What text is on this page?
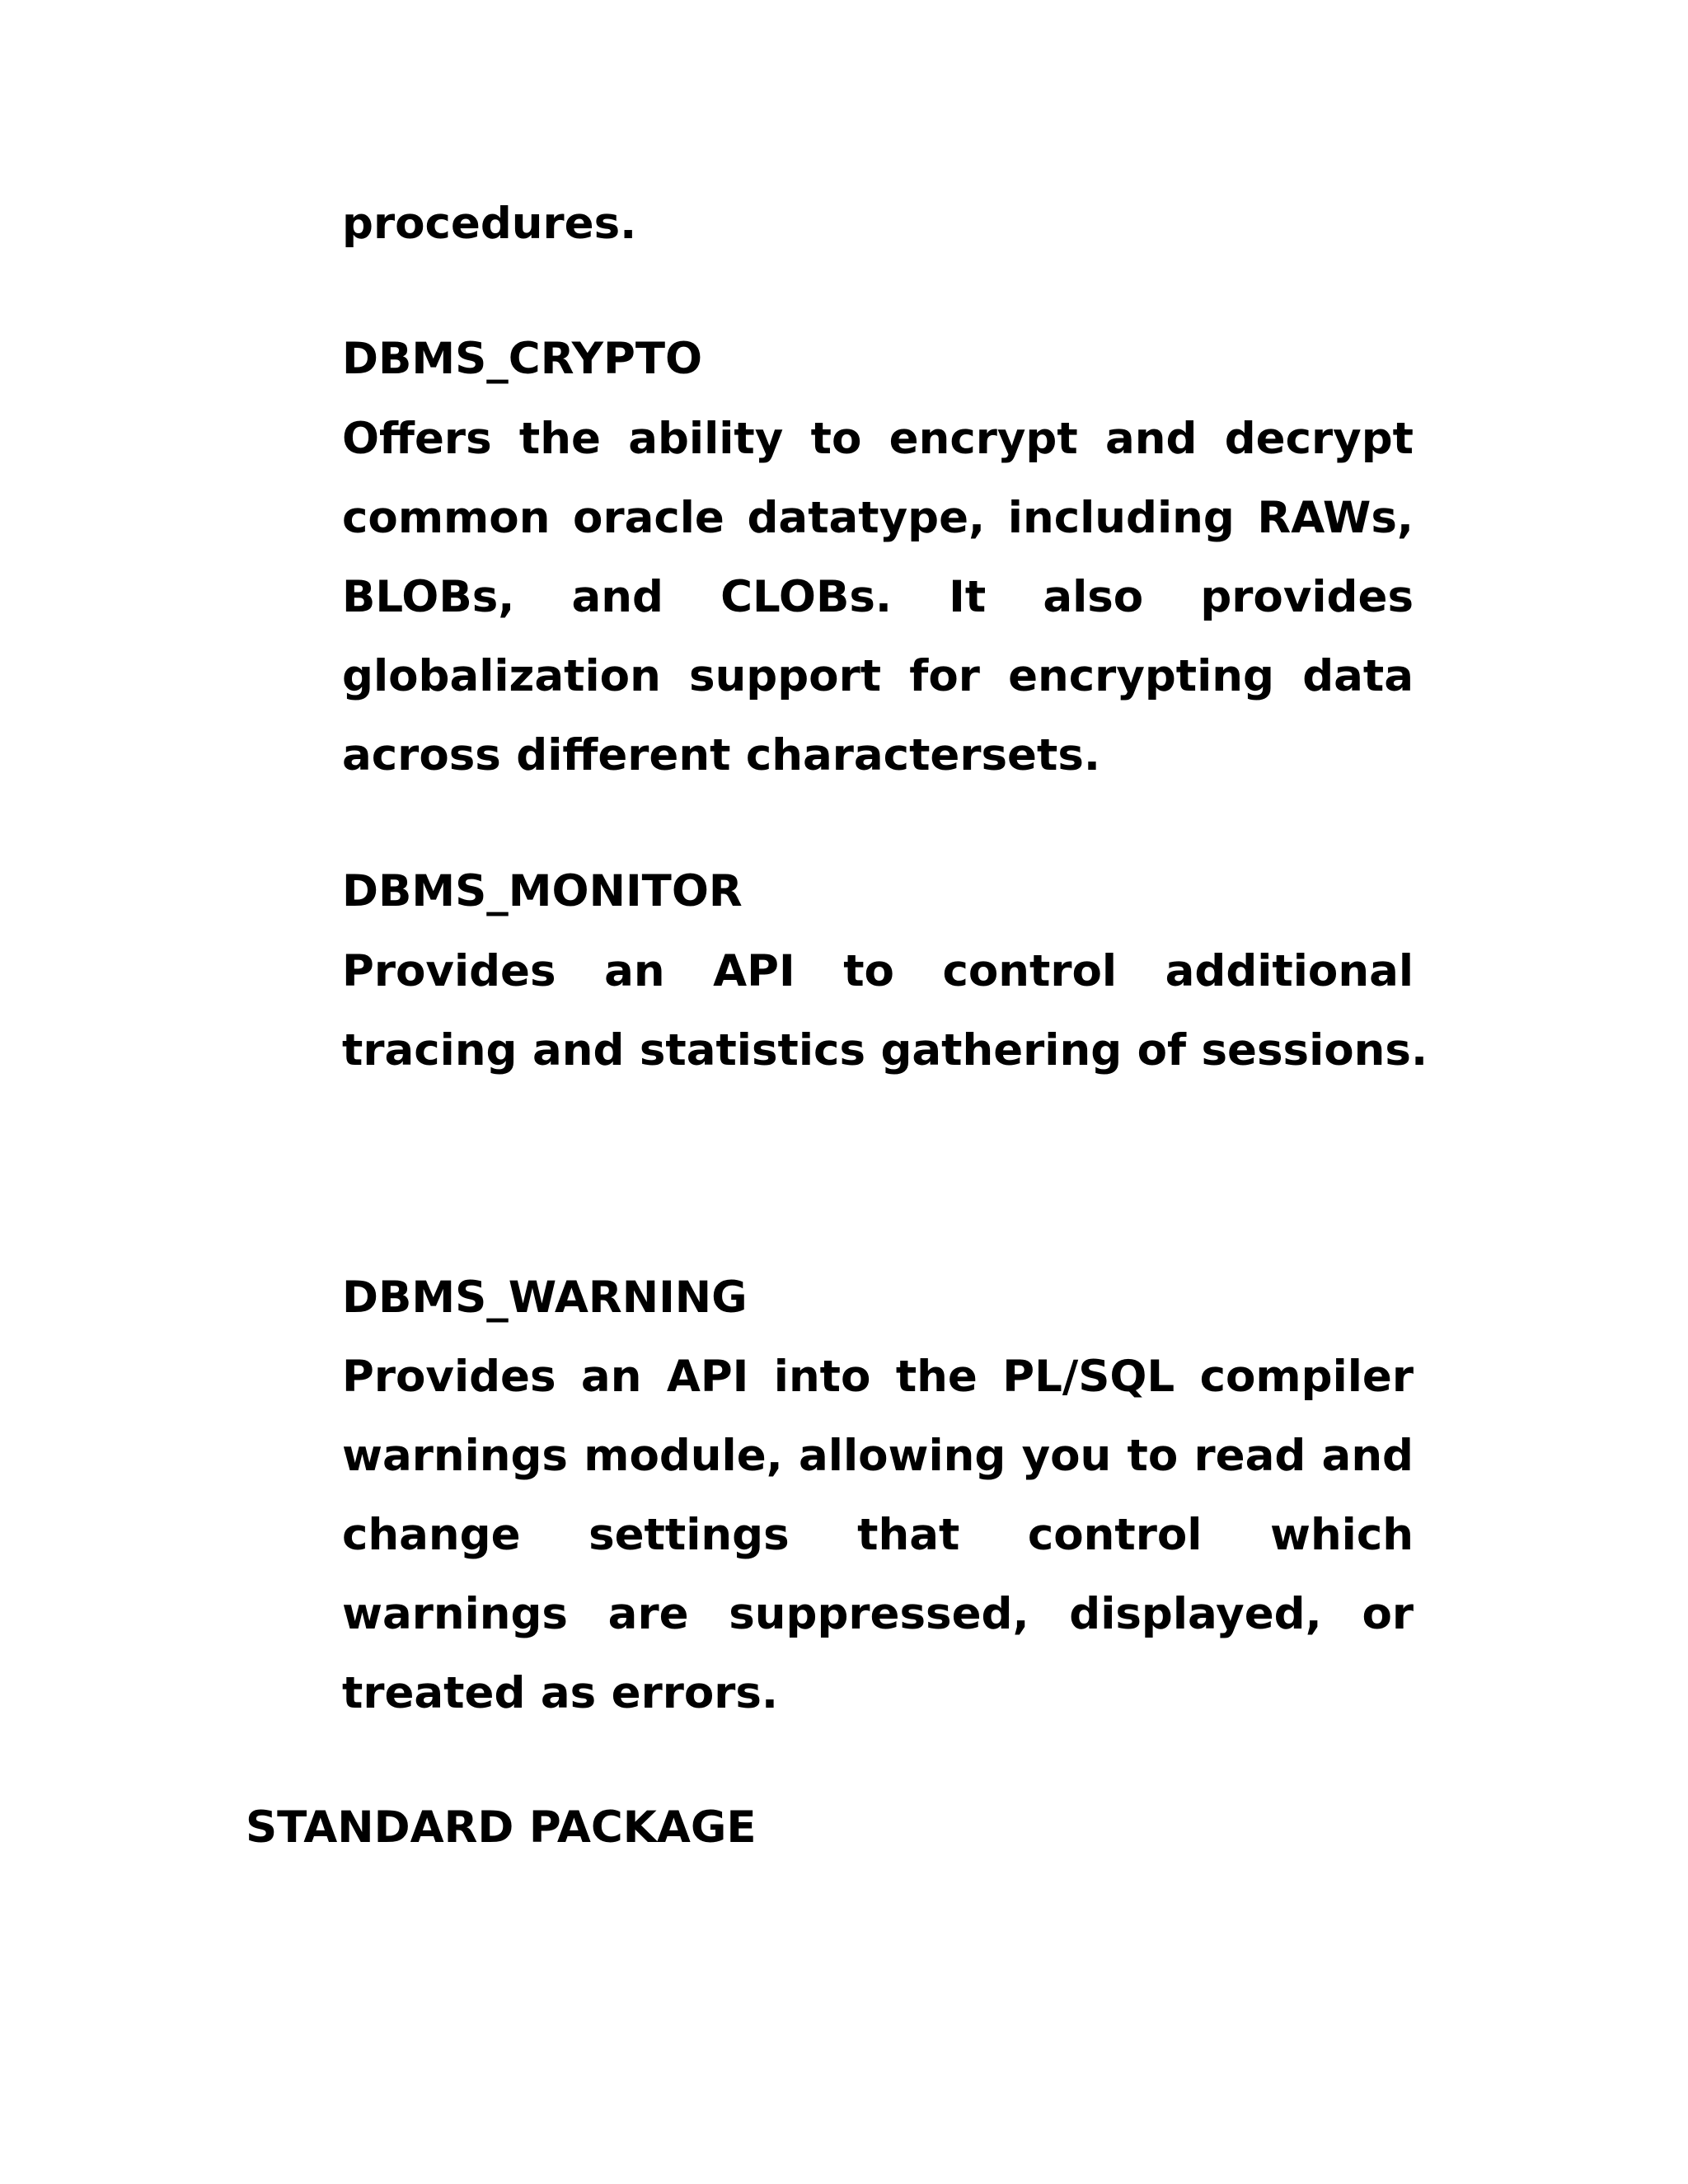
procedures.
DBMS_CRYPTO
Offers the ability to encrypt and decrypt
common oracle datatype, including RAWs,
BLOBs, and CLOBs. It also provides
globalization support for encrypting data
across different charactersets.
DBMS_MONITOR
Provides an API to control additional
tracing and statistics gathering of sessions.
DBMS_WARNING
Provides an API into the PL/SQL compiler
warnings module, allowing you to read and
change settings that control which
warnings are suppressed, displayed, or
treated as errors.
STANDARD PACKAGE
